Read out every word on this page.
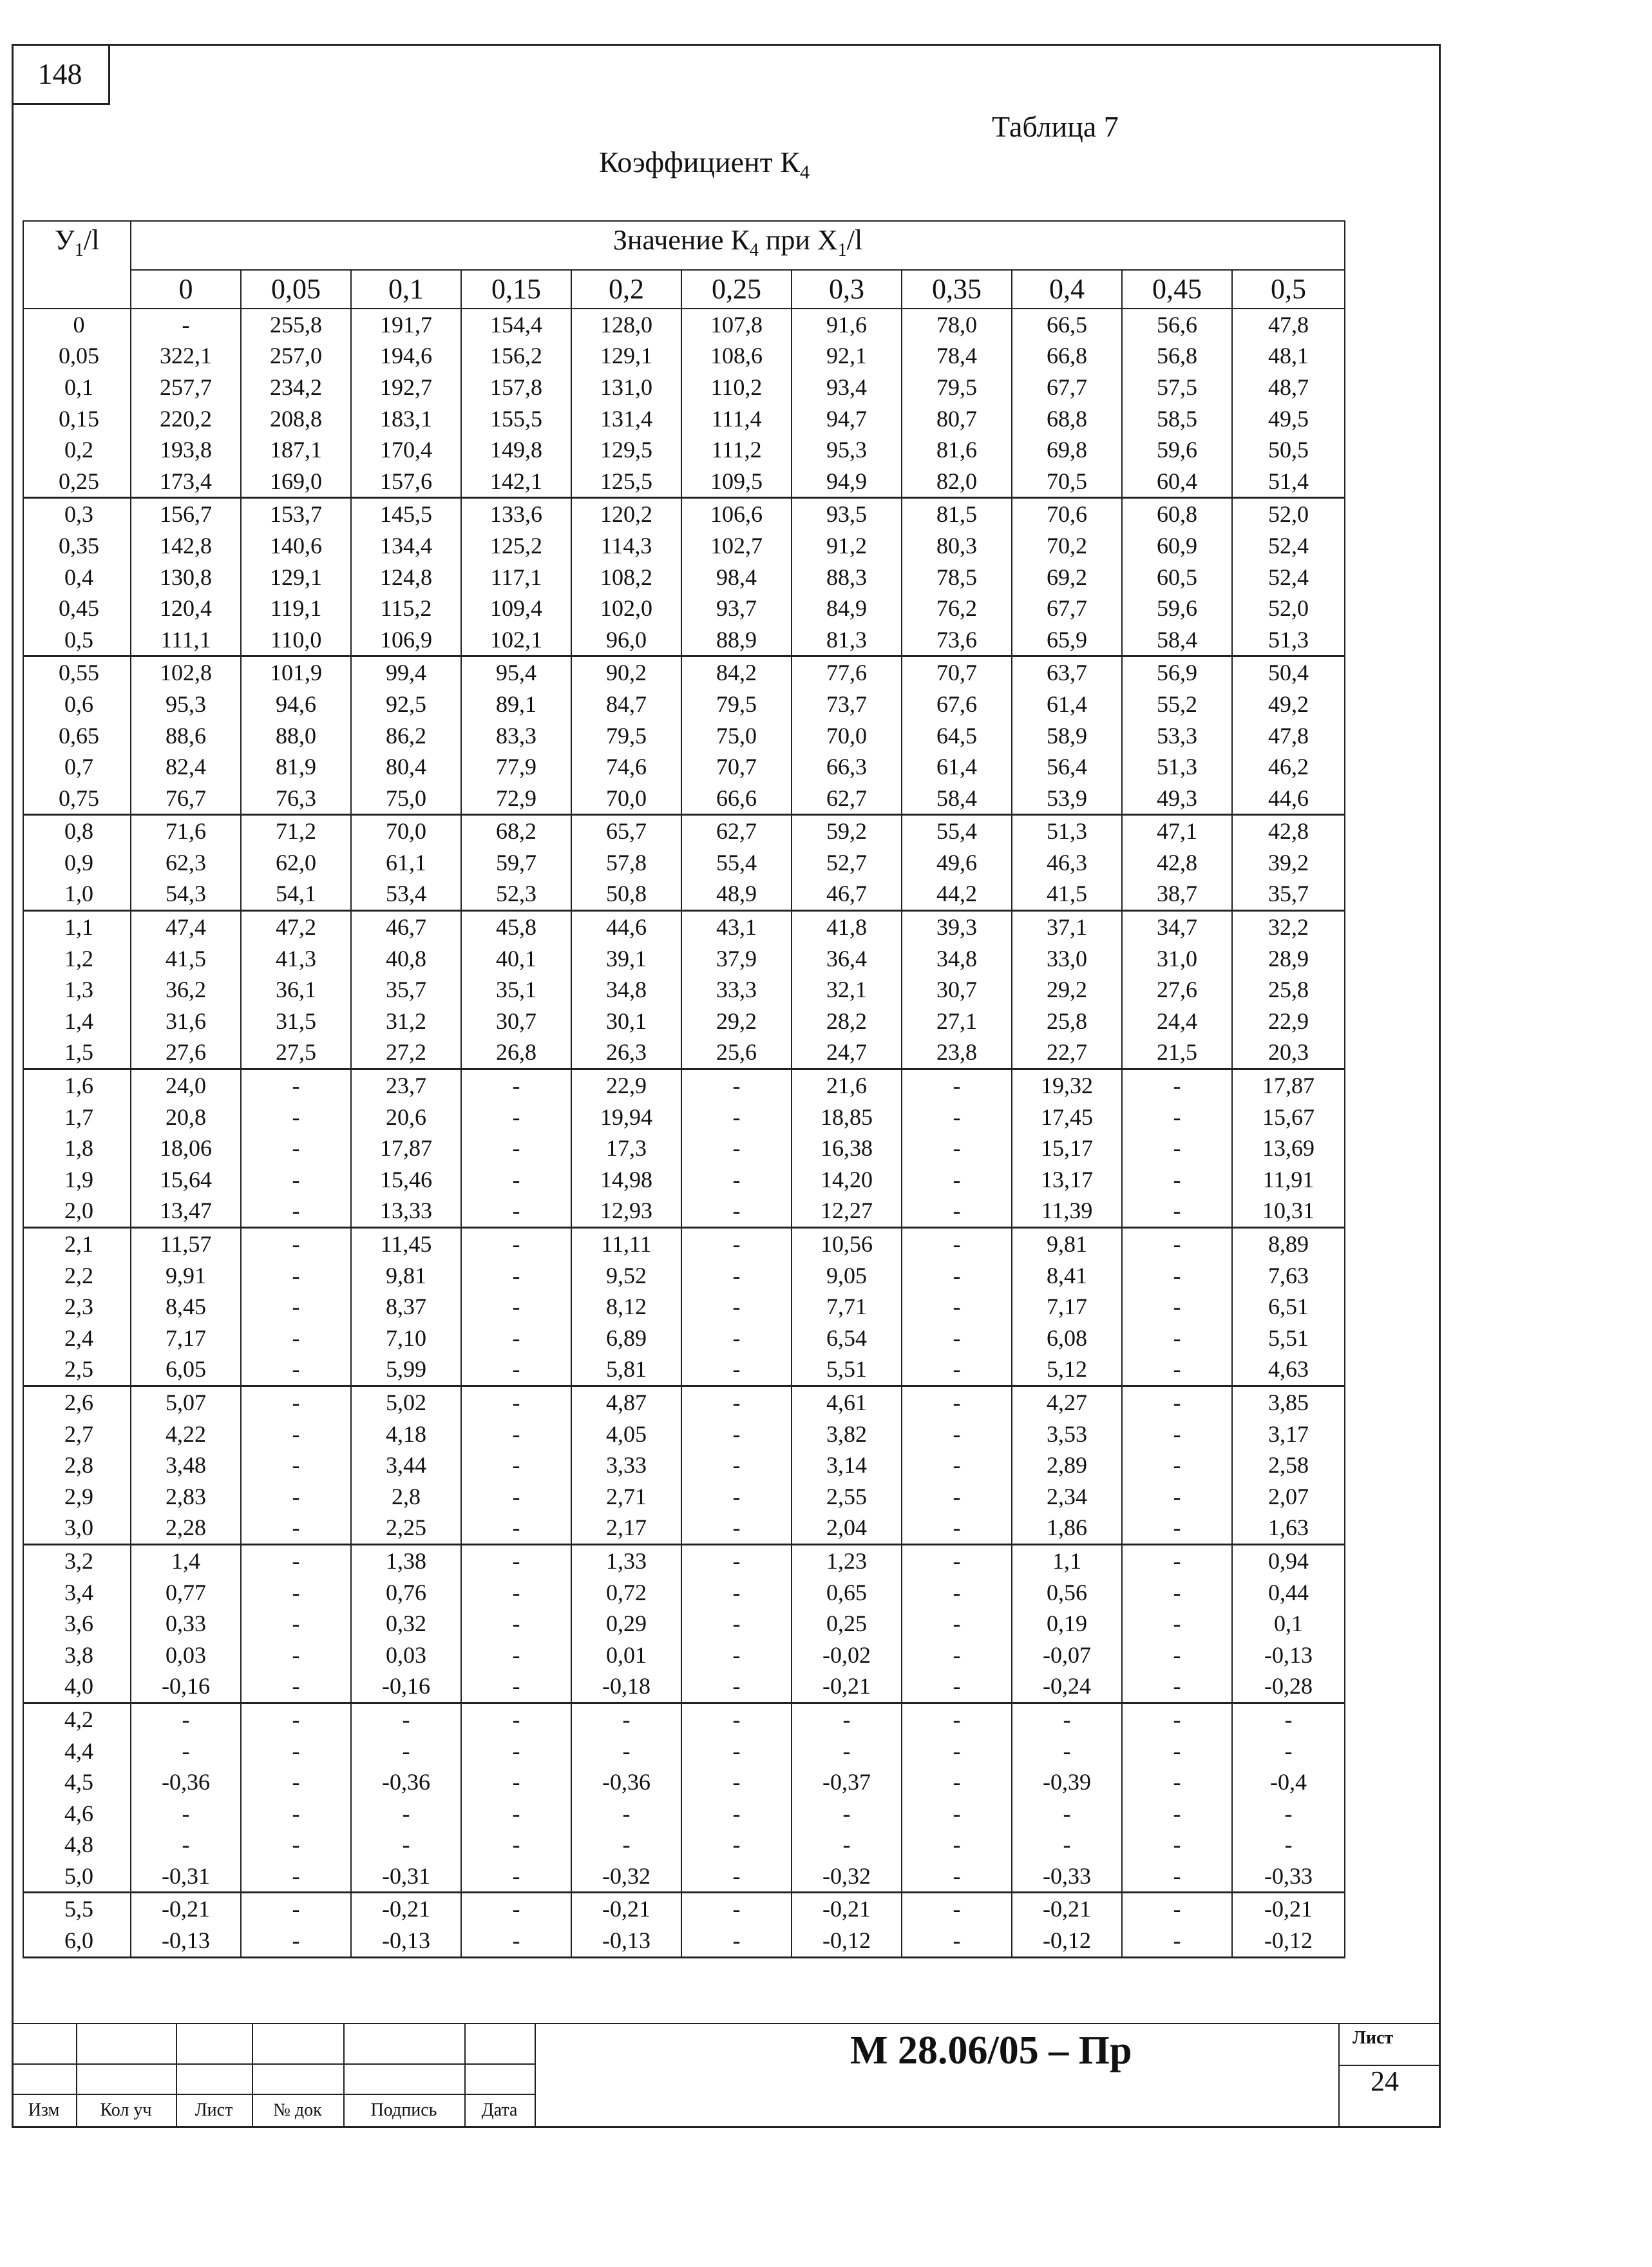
148
Таблица 7
Коэффициент $К_4$
$У_1/l$	Значение $К_4$ при $Х_1/l$										
	0	0,05	0,1	0,15	0,2	0,25	0,3	0,35	0,4	0,45	0,5
0	-	255,8	191,7	154,4	128,0	107,8	91,6	78,0	66,5	56,6	47,8
0,05	322,1	257,0	194,6	156,2	129,1	108,6	92,1	78,4	66,8	56,8	48,1
0,1	257,7	234,2	192,7	157,8	131,0	110,2	93,4	79,5	67,7	57,5	48,7
0,15	220,2	208,8	183,1	155,5	131,4	111,4	94,7	80,7	68,8	58,5	49,5
0,2	193,8	187,1	170,4	149,8	129,5	111,2	95,3	81,6	69,8	59,6	50,5
0,25	173,4	169,0	157,6	142,1	125,5	109,5	94,9	82,0	70,5	60,4	51,4
0,3	156,7	153,7	145,5	133,6	120,2	106,6	93,5	81,5	70,6	60,8	52,0
0,35	142,8	140,6	134,4	125,2	114,3	102,7	91,2	80,3	70,2	60,9	52,4
0,4	130,8	129,1	124,8	117,1	108,2	98,4	88,3	78,5	69,2	60,5	52,4
0,45	120,4	119,1	115,2	109,4	102,0	93,7	84,9	76,2	67,7	59,6	52,0
0,5	111,1	110,0	106,9	102,1	96,0	88,9	81,3	73,6	65,9	58,4	51,3
0,55	102,8	101,9	99,4	95,4	90,2	84,2	77,6	70,7	63,7	56,9	50,4
0,6	95,3	94,6	92,5	89,1	84,7	79,5	73,7	67,6	61,4	55,2	49,2
0,65	88,6	88,0	86,2	83,3	79,5	75,0	70,0	64,5	58,9	53,3	47,8
0,7	82,4	81,9	80,4	77,9	74,6	70,7	66,3	61,4	56,4	51,3	46,2
0,75	76,7	76,3	75,0	72,9	70,0	66,6	62,7	58,4	53,9	49,3	44,6
0,8	71,6	71,2	70,0	68,2	65,7	62,7	59,2	55,4	51,3	47,1	42,8
0,9	62,3	62,0	61,1	59,7	57,8	55,4	52,7	49,6	46,3	42,8	39,2
1,0	54,3	54,1	53,4	52,3	50,8	48,9	46,7	44,2	41,5	38,7	35,7
1,1	47,4	47,2	46,7	45,8	44,6	43,1	41,8	39,3	37,1	34,7	32,2
1,2	41,5	41,3	40,8	40,1	39,1	37,9	36,4	34,8	33,0	31,0	28,9
1,3	36,2	36,1	35,7	35,1	34,8	33,3	32,1	30,7	29,2	27,6	25,8
1,4	31,6	31,5	31,2	30,7	30,1	29,2	28,2	27,1	25,8	24,4	22,9
1,5	27,6	27,5	27,2	26,8	26,3	25,6	24,7	23,8	22,7	21,5	20,3
1,6	24,0	-	23,7	-	22,9	-	21,6	-	19,32	-	17,87
1,7	20,8	-	20,6	-	19,94	-	18,85	-	17,45	-	15,67
1,8	18,06	-	17,87	-	17,3	-	16,38	-	15,17	-	13,69
1,9	15,64	-	15,46	-	14,98	-	14,20	-	13,17	-	11,91
2,0	13,47	-	13,33	-	12,93	-	12,27	-	11,39	-	10,31
2,1	11,57	-	11,45	-	11,11	-	10,56	-	9,81	-	8,89
2,2	9,91	-	9,81	-	9,52	-	9,05	-	8,41	-	7,63
2,3	8,45	-	8,37	-	8,12	-	7,71	-	7,17	-	6,51
2,4	7,17	-	7,10	-	6,89	-	6,54	-	6,08	-	5,51
2,5	6,05	-	5,99	-	5,81	-	5,51	-	5,12	-	4,63
2,6	5,07	-	5,02	-	4,87	-	4,61	-	4,27	-	3,85
2,7	4,22	-	4,18	-	4,05	-	3,82	-	3,53	-	3,17
2,8	3,48	-	3,44	-	3,33	-	3,14	-	2,89	-	2,58
2,9	2,83	-	2,8	-	2,71	-	2,55	-	2,34	-	2,07
3,0	2,28	-	2,25	-	2,17	-	2,04	-	1,86	-	1,63
3,2	1,4	-	1,38	-	1,33	-	1,23	-	1,1	-	0,94
3,4	0,77	-	0,76	-	0,72	-	0,65	-	0,56	-	0,44
3,6	0,33	-	0,32	-	0,29	-	0,25	-	0,19	-	0,1
3,8	0,03	-	0,03	-	0,01	-	-0,02	-	-0,07	-	-0,13
4,0	-0,16	-	-0,16	-	-0,18	-	-0,21	-	-0,24	-	-0,28
4,2	-	-	-	-	-	-	-	-	-	-	-
4,4	-	-	-	-	-	-	-	-	-	-	-
4,5	-0,36	-	-0,36	-	-0,36	-	-0,37	-	-0,39	-	-0,4
4,6	-	-	-	-	-	-	-	-	-	-	-
4,8	-	-	-	-	-	-	-	-	-	-	-
5,0	-0,31	-	-0,31	-	-0,32	-	-0,32	-	-0,33	-	-0,33
5,5	-0,21	-	-0,21	-	-0,21	-	-0,21	-	-0,21	-	-0,21
6,0	-0,13	-	-0,13	-	-0,13	-	-0,12	-	-0,12	-	-0,12
Изм	Кол уч	Лист	№ док	Подпись	Дата
М 28.06/05 – Пр	Лист
24
